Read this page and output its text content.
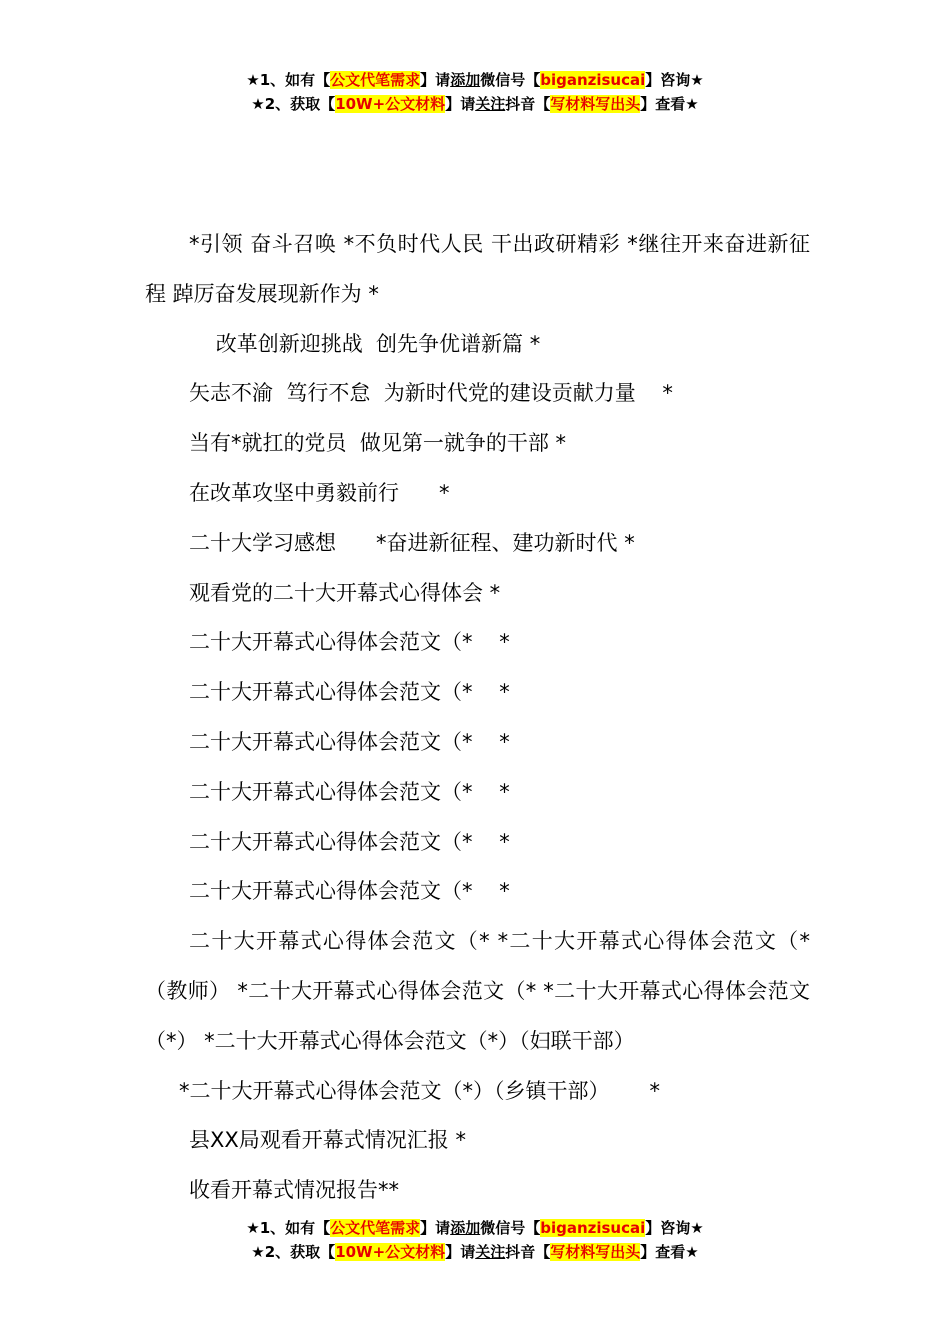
★1、如有【公文代笔需求】请添加微信号【biganzisucai】咨询★
★2、获取【10W+公文材料】请关注抖音【写材料写出头】查看★
*引领 奋斗召唤 *不负时代人民 干出政研精彩 *继往开来奋进新征程 踔厉奋发展现新作为 *
改革创新迎挑战  创先争优谱新篇 *
矢志不渝  笃行不怠  为新时代党的建设贡献力量    *
当有*就扛的党员  做见第一就争的干部 *
在改革攻坚中勇毅前行      *
二十大学习感想      *奋进新征程、建功新时代 *
观看党的二十大开幕式心得体会 *
二十大开幕式心得体会范文（*    *
二十大开幕式心得体会范文（*    *
二十大开幕式心得体会范文（*    *
二十大开幕式心得体会范文（*    *
二十大开幕式心得体会范文（*    *
二十大开幕式心得体会范文（*    *
二十大开幕式心得体会范文（* *二十大开幕式心得体会范文（*（教师） *二十大开幕式心得体会范文（* *二十大开幕式心得体会范文（*） *二十大开幕式心得体会范文（*）（妇联干部）
*二十大开幕式心得体会范文（*）（乡镇干部）      *
县XX局观看开幕式情况汇报 *
收看开幕式情况报告**
★1、如有【公文代笔需求】请添加微信号【biganzisucai】咨询★
★2、获取【10W+公文材料】请关注抖音【写材料写出头】查看★
